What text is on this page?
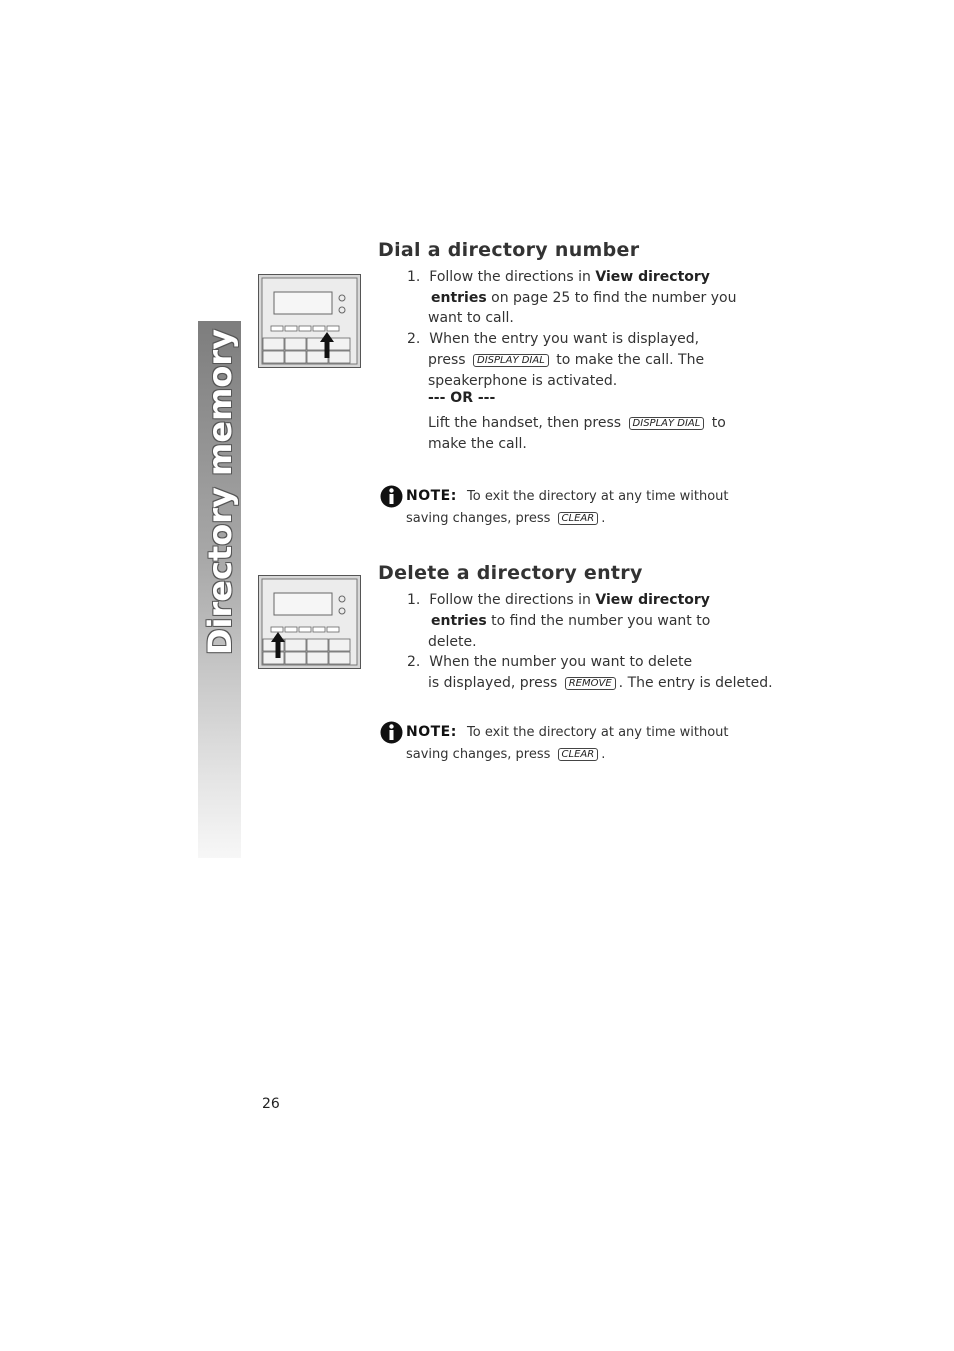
Directory memory
Dial a directory number
1. Follow the directions in View directory
entries on page 25 to find the number you
want to call.
2. When the entry you want is displayed,
press DISPLAY DIAL to make the call. The
speakerphone is activated.
--- OR ---
Lift the handset, then press DISPLAY DIAL to
make the call.
NOTE: To exit the directory at any time without
saving changes, press CLEAR .
Delete a directory entry
1. Follow the directions in View directory
entries to find the number you want to
delete.
2. When the number you want to delete
is displayed, press REMOVE . The entry is deleted.
NOTE: To exit the directory at any time without
saving changes, press CLEAR .
26
